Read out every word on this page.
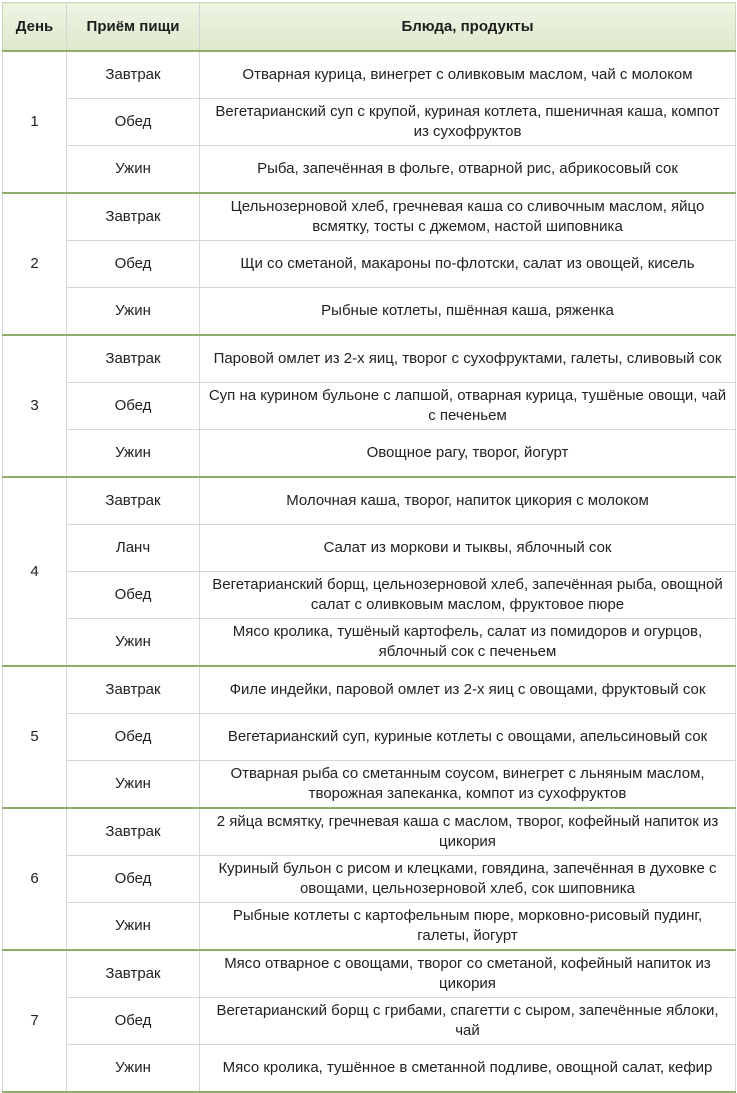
День	Приём пищи	Блюда, продукты
1	Завтрак	Отварная курица, винегрет с оливковым маслом, чай с молоком
	Обед	Вегетарианский суп с крупой, куриная котлета, пшеничная каша, компот из сухофруктов
	Ужин	Рыба, запечённая в фольге, отварной рис, абрикосовый сок
2	Завтрак	Цельнозерновой хлеб, гречневая каша со сливочным маслом, яйцо всмятку, тосты с джемом, настой шиповника
	Обед	Щи со сметаной, макароны по-флотски, салат из овощей, кисель
	Ужин	Рыбные котлеты, пшённая каша, ряженка
3	Завтрак	Паровой омлет из 2-х яиц, творог с сухофруктами, галеты, сливовый сок
	Обед	Суп на курином бульоне с лапшой, отварная курица, тушёные овощи, чай с печеньем
	Ужин	Овощное рагу, творог, йогурт
4	Завтрак	Молочная каша, творог, напиток цикория с молоком
	Ланч	Салат из моркови и тыквы, яблочный сок
	Обед	Вегетарианский борщ, цельнозерновой хлеб, запечённая рыба, овощной салат с оливковым маслом, фруктовое пюре
	Ужин	Мясо кролика, тушёный картофель, салат из помидоров и огурцов, яблочный сок с печеньем
5	Завтрак	Филе индейки, паровой омлет из 2-х яиц с овощами, фруктовый сок
	Обед	Вегетарианский суп, куриные котлеты с овощами, апельсиновый сок
	Ужин	Отварная рыба со сметанным соусом, винегрет с льняным маслом, творожная запеканка, компот из сухофруктов
6	Завтрак	2 яйца всмятку, гречневая каша с маслом, творог, кофейный напиток из цикория
	Обед	Куриный бульон с рисом и клецками, говядина, запечённая в духовке с овощами, цельнозерновой хлеб, сок шиповника
	Ужин	Рыбные котлеты с картофельным пюре, морковно-рисовый пудинг, галеты, йогурт
7	Завтрак	Мясо отварное с овощами, творог со сметаной, кофейный напиток из цикория
	Обед	Вегетарианский борщ с грибами, спагетти с сыром, запечённые яблоки, чай
	Ужин	Мясо кролика, тушённое в сметанной подливе, овощной салат, кефир
